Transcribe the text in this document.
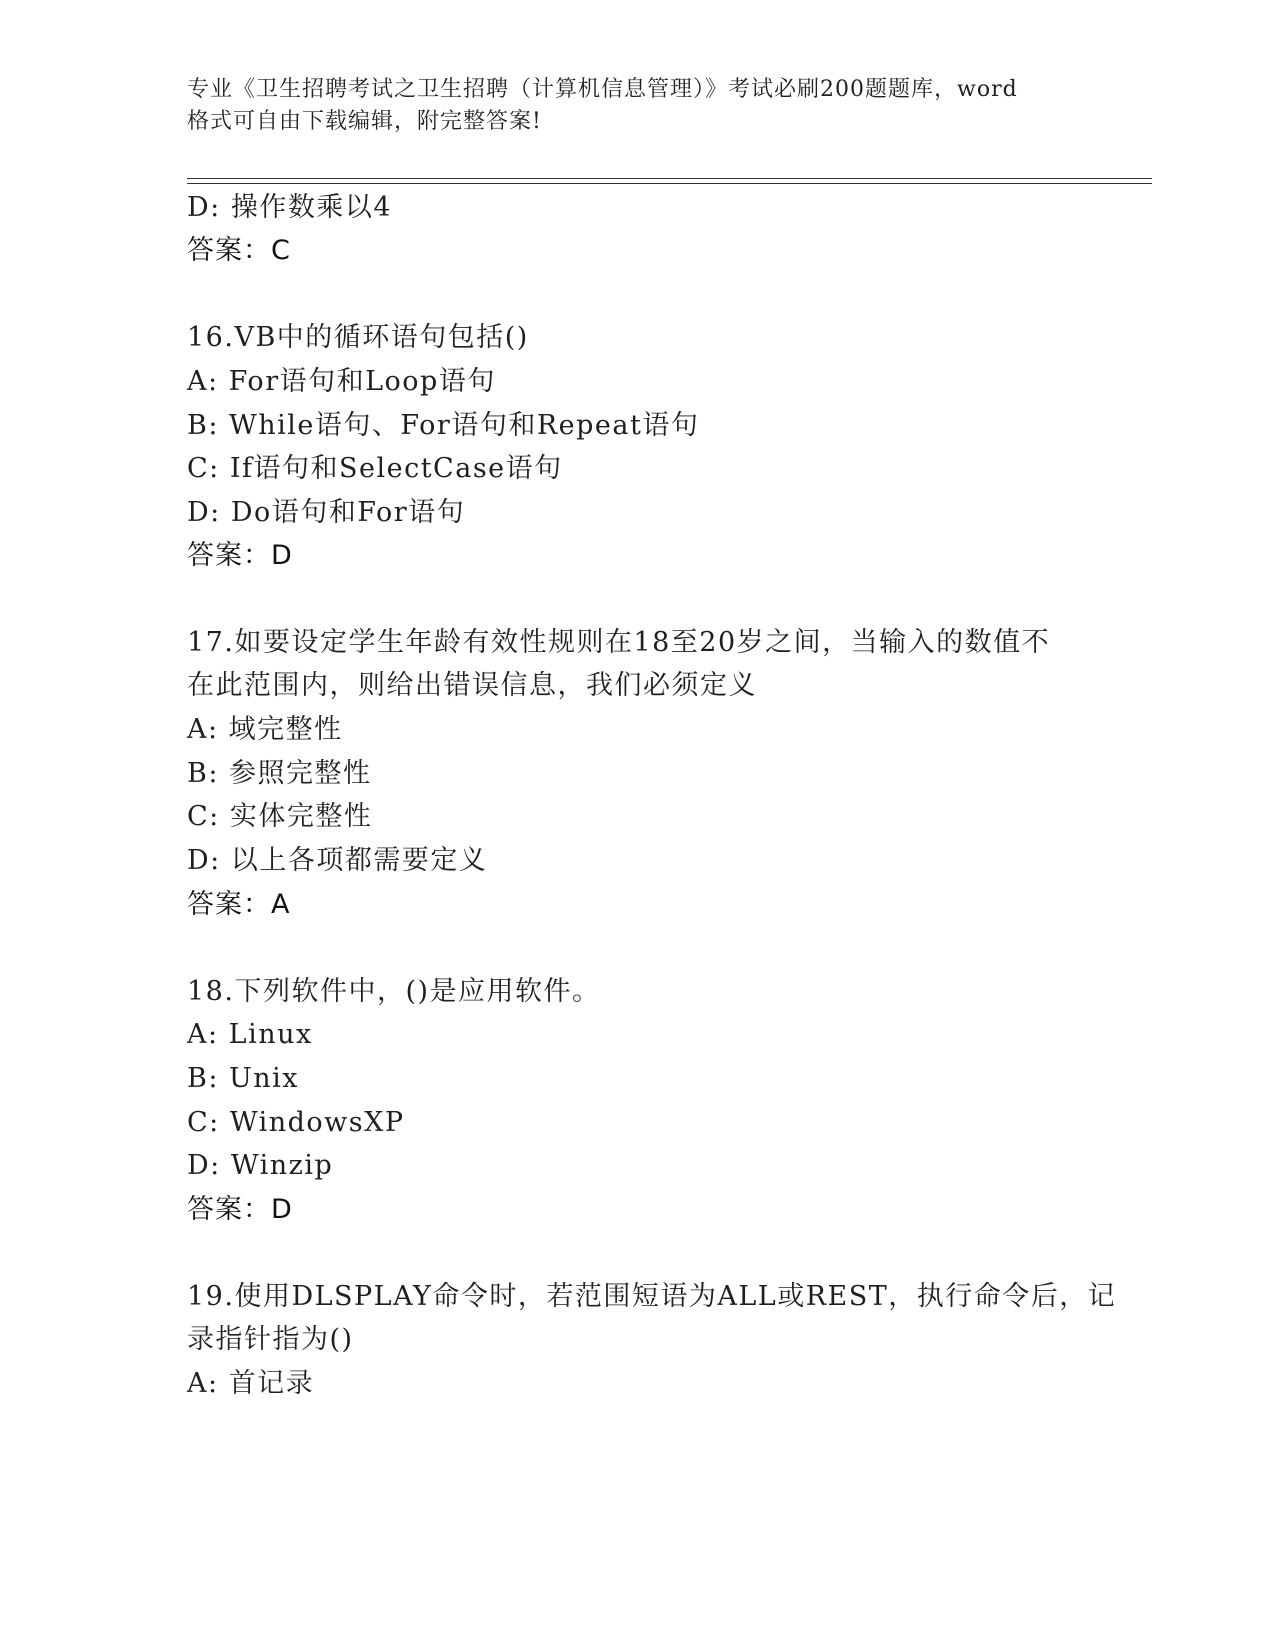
专业《卫生招聘考试之卫生招聘（计算机信息管理）》考试必刷200题题库，word
格式可自由下载编辑，附完整答案!
D: 操作数乘以4
答案：C
16.VB中的循环语句包括()
A: For语句和Loop语句
B: While语句、For语句和Repeat语句
C: If语句和SelectCase语句
D: Do语句和For语句
答案：D
17.如要设定学生年龄有效性规则在18至20岁之间，当输入的数值不
在此范围内，则给出错误信息，我们必须定义
A: 域完整性
B: 参照完整性
C: 实体完整性
D: 以上各项都需要定义
答案：A
18.下列软件中，()是应用软件。
A: Linux
B: Unix
C: WindowsXP
D: Winzip
答案：D
19.使用DLSPLAY命令时，若范围短语为ALL或REST，执行命令后，记
录指针指为()
A: 首记录
